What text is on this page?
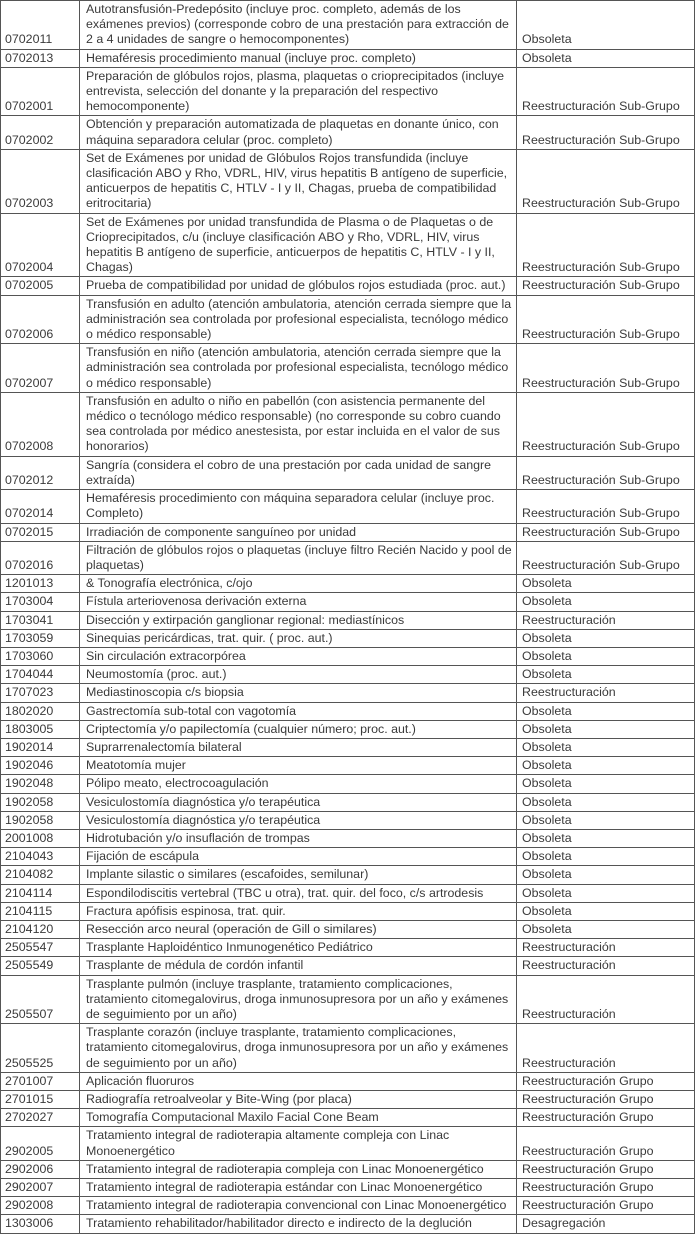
0702011	Autotransfusión-Predepósito (incluye proc. completo, además de los exámenes previos) (corresponde cobro de una prestación para extracción de 2 a 4 unidades de sangre o hemocomponentes)	Obsoleta
0702013	Hemaféresis procedimiento manual (incluye proc. completo)	Obsoleta
0702001	Preparación de glóbulos rojos, plasma, plaquetas o crioprecipitados (incluye entrevista, selección del donante y la preparación del respectivo hemocomponente)	Reestructuración Sub-Grupo
0702002	Obtención y preparación automatizada de plaquetas en donante único, con máquina separadora celular (proc. completo)	Reestructuración Sub-Grupo
0702003	Set de Exámenes por unidad de Glóbulos Rojos transfundida (incluye clasificación ABO y Rho, VDRL, HIV, virus hepatitis B antígeno de superficie, anticuerpos de hepatitis C, HTLV - I y II, Chagas, prueba de compatibilidad eritrocitaria)	Reestructuración Sub-Grupo
0702004	Set de Exámenes por unidad transfundida de Plasma o de Plaquetas o de Crioprecipitados, c/u (incluye clasificación ABO y Rho, VDRL, HIV, virus hepatitis B antígeno de superficie, anticuerpos de hepatitis C, HTLV - I y II, Chagas)	Reestructuración Sub-Grupo
0702005	Prueba de compatibilidad por unidad de glóbulos rojos estudiada (proc. aut.)	Reestructuración Sub-Grupo
0702006	Transfusión en adulto (atención ambulatoria, atención cerrada siempre que la administración sea controlada por profesional especialista, tecnólogo médico o médico responsable)	Reestructuración Sub-Grupo
0702007	Transfusión en niño (atención ambulatoria, atención cerrada siempre que la administración sea controlada por profesional especialista, tecnólogo médico o médico responsable)	Reestructuración Sub-Grupo
0702008	Transfusión en adulto o niño en pabellón (con asistencia permanente del médico o tecnólogo médico responsable) (no corresponde su cobro cuando sea controlada por médico anestesista, por estar incluida en el valor de sus honorarios)	Reestructuración Sub-Grupo
0702012	Sangría (considera el cobro de una prestación por cada unidad de sangre extraída)	Reestructuración Sub-Grupo
0702014	Hemaféresis procedimiento con máquina separadora celular (incluye proc. Completo)	Reestructuración Sub-Grupo
0702015	Irradiación de componente sanguíneo por unidad	Reestructuración Sub-Grupo
0702016	Filtración de glóbulos rojos o plaquetas (incluye filtro Recién Nacido y pool de plaquetas)	Reestructuración Sub-Grupo
1201013	& Tonografía electrónica, c/ojo	Obsoleta
1703004	Fístula arteriovenosa derivación externa	Obsoleta
1703041	Disección y extirpación ganglionar regional: mediastínicos	Reestructuración
1703059	Sinequias pericárdicas, trat. quir. ( proc. aut.)	Obsoleta
1703060	Sin circulación extracorpórea	Obsoleta
1704044	Neumostomía (proc. aut.)	Obsoleta
1707023	Mediastinoscopia c/s biopsia	Reestructuración
1802020	Gastrectomía sub-total con vagotomía	Obsoleta
1803005	Criptectomía y/o papilectomía (cualquier número; proc. aut.)	Obsoleta
1902014	Suprarrenalectomía bilateral	Obsoleta
1902046	Meatotomía mujer	Obsoleta
1902048	Pólipo meato, electrocoagulación	Obsoleta
1902058	Vesiculostomía diagnóstica y/o terapéutica	Obsoleta
1902058	Vesiculostomía diagnóstica y/o terapéutica	Obsoleta
2001008	Hidrotubación y/o insuflación de trompas	Obsoleta
2104043	Fijación de escápula	Obsoleta
2104082	Implante silastic o similares (escafoides, semilunar)	Obsoleta
2104114	Espondilodiscitis vertebral (TBC u otra), trat. quir. del foco, c/s artrodesis	Obsoleta
2104115	Fractura apófisis espinosa, trat. quir.	Obsoleta
2104120	Resección arco neural (operación de Gill o similares)	Obsoleta
2505547	Trasplante Haploidéntico Inmunogenético Pediátrico	Reestructuración
2505549	Trasplante de médula de cordón infantil	Reestructuración
2505507	Trasplante pulmón (incluye trasplante, tratamiento complicaciones, tratamiento citomegalovirus, droga inmunosupresora por un año y exámenes de seguimiento por un año)	Reestructuración
2505525	Trasplante corazón (incluye trasplante, tratamiento complicaciones, tratamiento citomegalovirus, droga inmunosupresora por un año y exámenes de seguimiento por un año)	Reestructuración
2701007	Aplicación fluoruros	Reestructuración Grupo
2701015	Radiografía retroalveolar y Bite-Wing (por placa)	Reestructuración Grupo
2702027	Tomografía Computacional Maxilo Facial Cone Beam	Reestructuración Grupo
2902005	Tratamiento integral de radioterapia altamente compleja con Linac Monoenergético	Reestructuración Grupo
2902006	Tratamiento integral de radioterapia compleja con Linac Monoenergético	Reestructuración Grupo
2902007	Tratamiento integral de radioterapia estándar con Linac Monoenergético	Reestructuración Grupo
2902008	Tratamiento integral de radioterapia convencional con Linac Monoenergético	Reestructuración Grupo
1303006	Tratamiento rehabilitador/habilitador directo e indirecto de la deglución	Desagregación
